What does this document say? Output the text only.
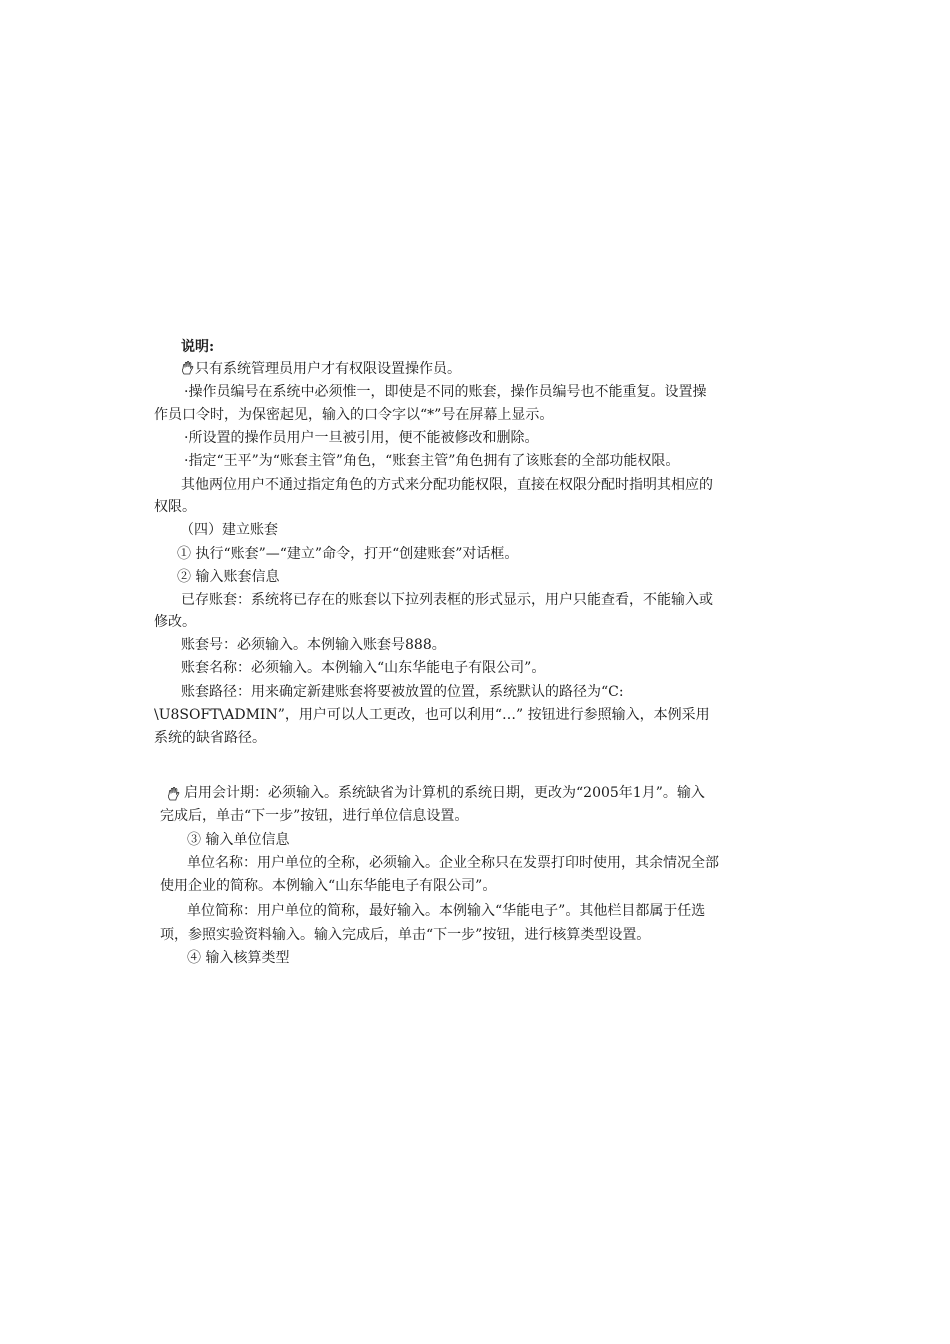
说明:
只有系统管理员用户才有权限设置操作员。
·操作员编号在系统中必须惟一，即使是不同的账套，操作员编号也不能重复。设置操
作员口令时，为保密起见，输入的口令字以“*”号在屏幕上显示。
·所设置的操作员用户一旦被引用，便不能被修改和删除。
·指定“王平”为“账套主管”角色，“账套主管”角色拥有了该账套的全部功能权限。
其他两位用户不通过指定角色的方式来分配功能权限，直接在权限分配时指明其相应的
权限。
（四）建立账套
① 执行“账套”—“建立”命令，打开“创建账套”对话框。
② 输入账套信息
已存账套：系统将已存在的账套以下拉列表框的形式显示，用户只能查看，不能输入或
修改。
账套号：必须输入。本例输入账套号888。
账套名称：必须输入。本例输入“山东华能电子有限公司”。
账套路径：用来确定新建账套将要被放置的位置，系统默认的路径为“C:
\U8SOFT\ADMIN”，用户可以人工更改，也可以利用“…” 按钮进行参照输入，本例采用
系统的缺省路径。
启用会计期：必须输入。系统缺省为计算机的系统日期，更改为“2005年1月”。输入
完成后，单击“下一步”按钮，进行单位信息设置。
③ 输入单位信息
单位名称：用户单位的全称，必须输入。企业全称只在发票打印时使用，其余情况全部
使用企业的简称。本例输入“山东华能电子有限公司”。
单位简称：用户单位的简称，最好输入。本例输入“华能电子”。其他栏目都属于任选
项，参照实验资料输入。输入完成后，单击“下一步”按钮，进行核算类型设置。
④ 输入核算类型
